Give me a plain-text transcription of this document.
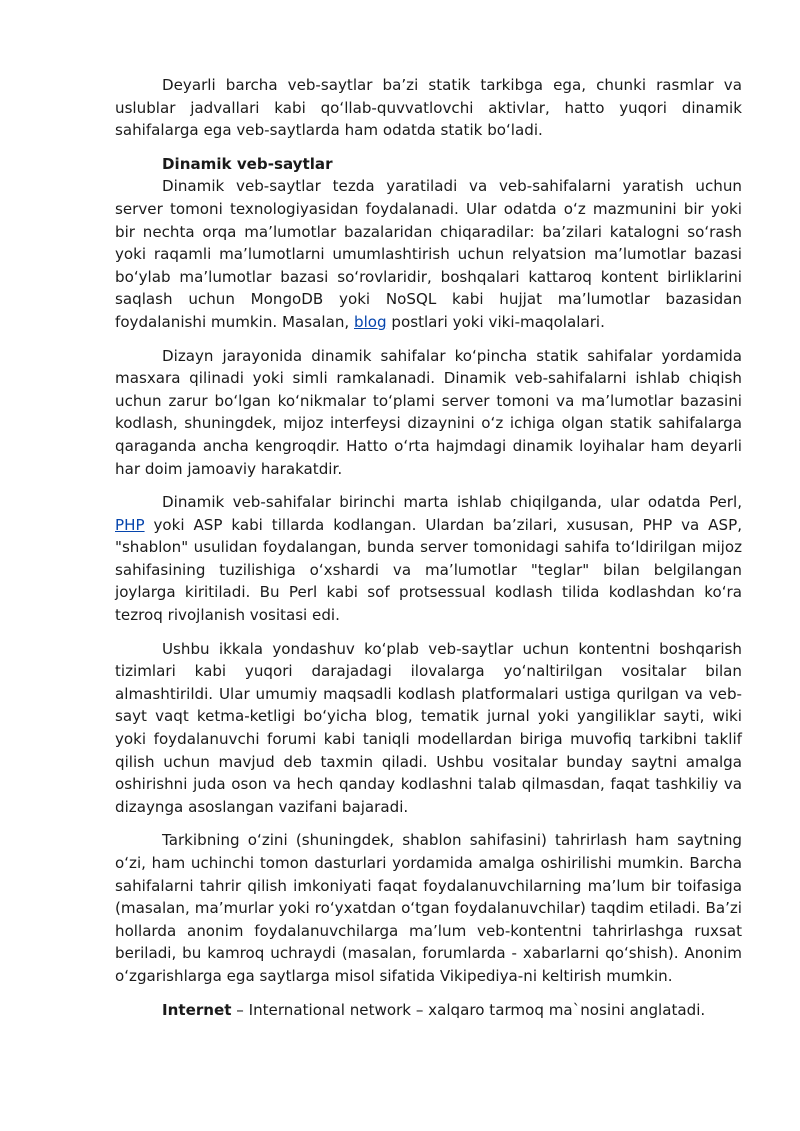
Deyarli barcha veb-saytlar baʼzi statik tarkibga ega, chunki rasmlar va uslublar jadvallari kabi qoʻllab-quvvatlovchi aktivlar, hatto yuqori dinamik sahifalarga ega veb-saytlarda ham odatda statik boʻladi.

Dinamik veb-saytlar

Dinamik veb-saytlar tezda yaratiladi va veb-sahifalarni yaratish uchun server tomoni texnologiyasidan foydalanadi. Ular odatda oʻz mazmunini bir yoki bir nechta orqa maʼlumotlar bazalaridan chiqaradilar: baʼzilari katalogni soʻrash yoki raqamli maʼlumotlarni umumlashtirish uchun relyatsion maʼlumotlar bazasi boʻylab maʼlumotlar bazasi soʻrovlaridir, boshqalari kattaroq kontent birliklarini saqlash uchun MongoDB yoki NoSQL kabi hujjat maʼlumotlar bazasidan foydalanishi mumkin. Masalan, blog postlari yoki viki-maqolalari.

Dizayn jarayonida dinamik sahifalar koʻpincha statik sahifalar yordamida masxara qilinadi yoki simli ramkalanadi. Dinamik veb-sahifalarni ishlab chiqish uchun zarur boʻlgan koʻnikmalar toʻplami server tomoni va maʼlumotlar bazasini kodlash, shuningdek, mijoz interfeysi dizaynini oʻz ichiga olgan statik sahifalarga qaraganda ancha kengroqdir. Hatto oʻrta hajmdagi dinamik loyihalar ham deyarli har doim jamoaviy harakatdir.

Dinamik veb-sahifalar birinchi marta ishlab chiqilganda, ular odatda Perl, PHP yoki ASP kabi tillarda kodlangan. Ulardan baʼzilari, xususan, PHP va ASP, "shablon" usulidan foydalangan, bunda server tomonidagi sahifa toʻldirilgan mijoz sahifasining tuzilishiga oʻxshardi va maʼlumotlar "teglar" bilan belgilangan joylarga kiritiladi. Bu Perl kabi sof protsessual kodlash tilida kodlashdan koʻra tezroq rivojlanish vositasi edi.

Ushbu ikkala yondashuv koʻplab veb-saytlar uchun kontentni boshqarish tizimlari kabi yuqori darajadagi ilovalarga yoʻnaltirilgan vositalar bilan almashtirildi. Ular umumiy maqsadli kodlash platformalari ustiga qurilgan va veb-sayt vaqt ketma-ketligi boʻyicha blog, tematik jurnal yoki yangiliklar sayti, wiki yoki foydalanuvchi forumi kabi taniqli modellardan biriga muvofiq tarkibni taklif qilish uchun mavjud deb taxmin qiladi. Ushbu vositalar bunday saytni amalga oshirishni juda oson va hech qanday kodlashni talab qilmasdan, faqat tashkiliy va dizaynga asoslangan vazifani bajaradi.

Tarkibning oʻzini (shuningdek, shablon sahifasini) tahrirlash ham saytning oʻzi, ham uchinchi tomon dasturlari yordamida amalga oshirilishi mumkin. Barcha sahifalarni tahrir qilish imkoniyati faqat foydalanuvchilarning maʼlum bir toifasiga (masalan, maʼmurlar yoki roʻyxatdan oʻtgan foydalanuvchilar) taqdim etiladi. Baʼzi hollarda anonim foydalanuvchilarga maʼlum veb-kontentni tahrirlashga ruxsat beriladi, bu kamroq uchraydi (masalan, forumlarda - xabarlarni qoʻshish). Anonim oʻzgarishlarga ega saytlarga misol sifatida Vikipediya-ni keltirish mumkin.

Internet – International network – xalqaro tarmoq ma`nosini anglatadi.
